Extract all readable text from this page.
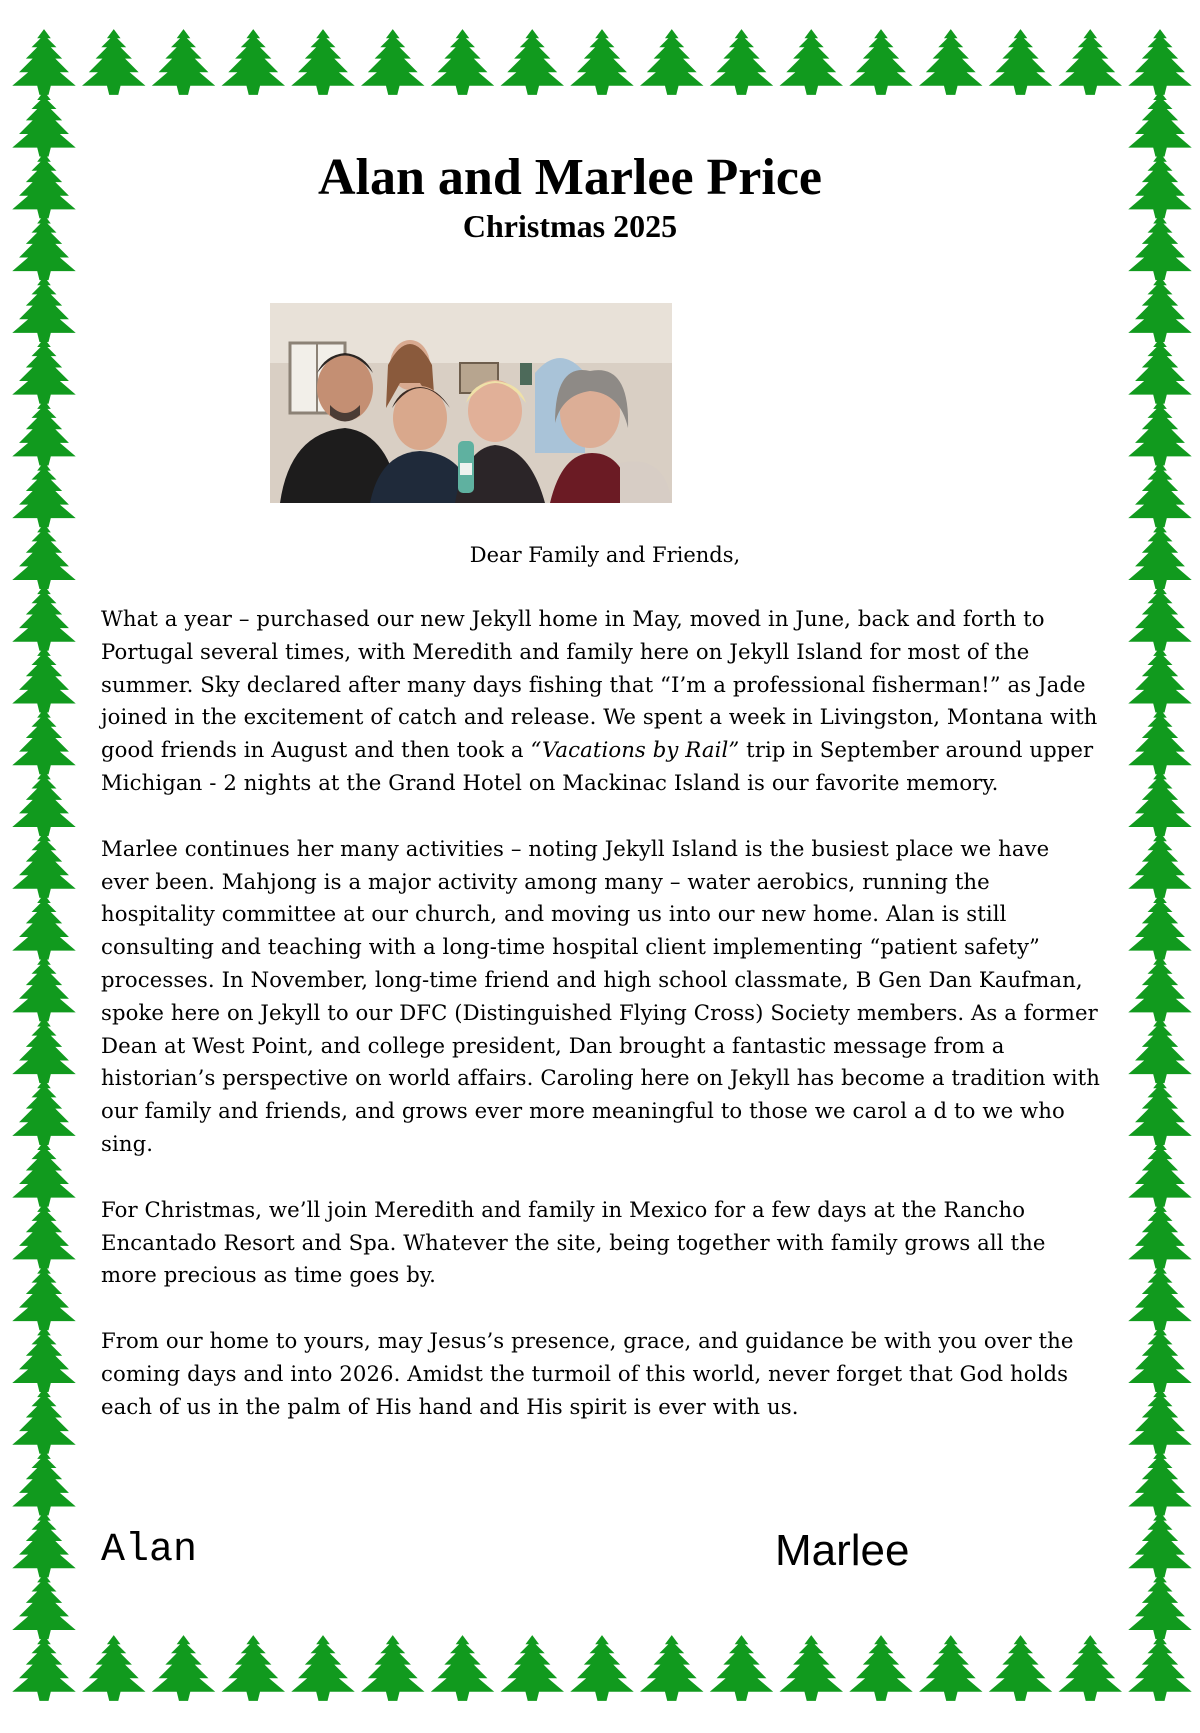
Alan and Marlee Price
Christmas 2025

Dear Family and Friends,

What a year – purchased our new Jekyll home in May, moved in June, back and forth to Portugal several times, with Meredith and family here on Jekyll Island for most of the summer. Sky declared after many days fishing that “I’m a professional fisherman!” as Jade joined in the excitement of catch and release. We spent a week in Livingston, Montana with good friends in August and then took a “Vacations by Rail” trip in September around upper Michigan - 2 nights at the Grand Hotel on Mackinac Island is our favorite memory.

Marlee continues her many activities – noting Jekyll Island is the busiest place we have ever been. Mahjong is a major activity among many – water aerobics, running the hospitality committee at our church, and moving us into our new home. Alan is still consulting and teaching with a long-time hospital client implementing “patient safety” processes. In November, long-time friend and high school classmate, B Gen Dan Kaufman, spoke here on Jekyll to our DFC (Distinguished Flying Cross) Society members. As a former Dean at West Point, and college president, Dan brought a fantastic message from a historian’s perspective on world affairs. Caroling here on Jekyll has become a tradition with our family and friends, and grows ever more meaningful to those we carol a d to we who sing.

For Christmas, we’ll join Meredith and family in Mexico for a few days at the Rancho Encantado Resort and Spa. Whatever the site, being together with family grows all the more precious as time goes by.

From our home to yours, may Jesus’s presence, grace, and guidance be with you over the coming days and into 2026. Amidst the turmoil of this world, never forget that God holds each of us in the palm of His hand and His spirit is ever with us.

Alan	Marlee
